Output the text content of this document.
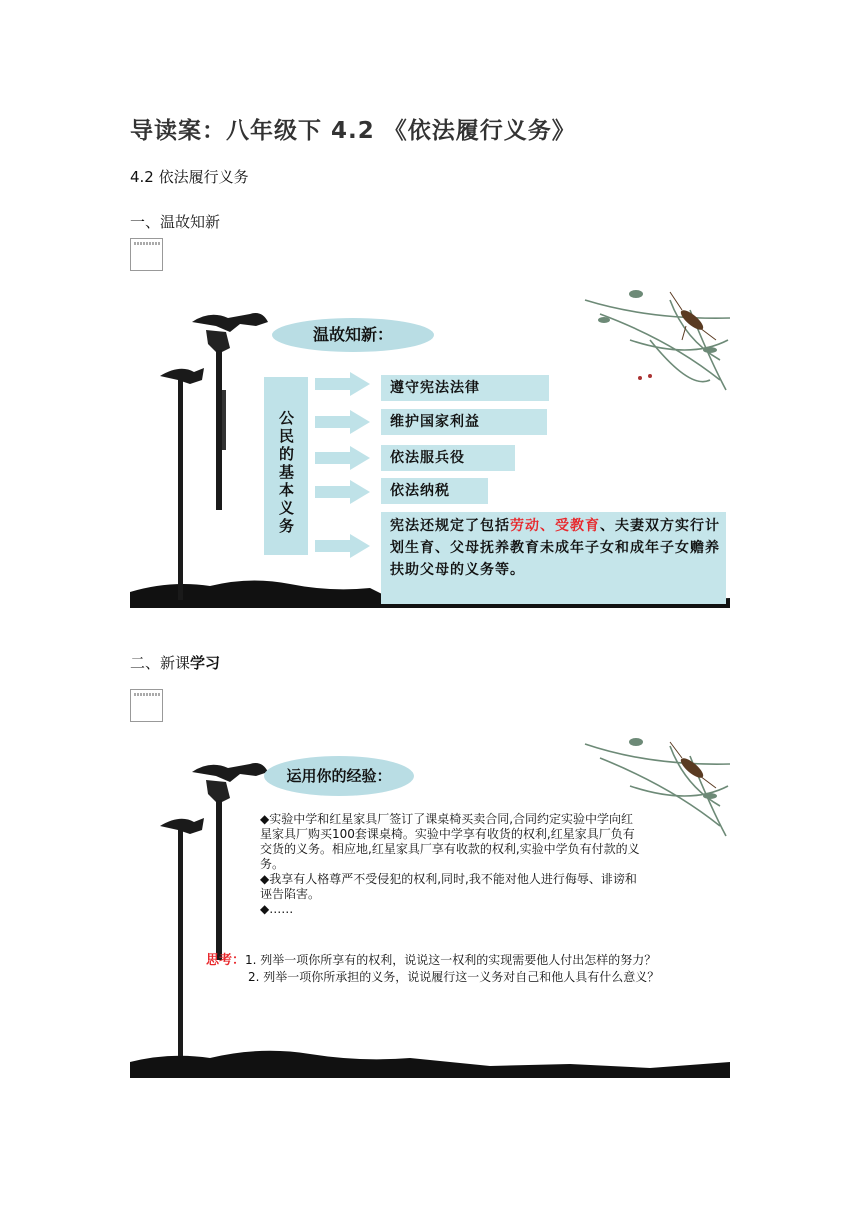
导读案：八年级下 4.2 《依法履行义务》
4.2 依法履行义务
一、温故知新
温故知新：
公民的基本义务
遵守宪法法律
维护国家利益
依法服兵役
依法纳税
宪法还规定了包括劳动、受教育、夫妻双方实行计划生育、父母抚养教育未成年子女和成年子女赡养扶助父母的义务等。
二、新课学习
运用你的经验：

◆实验中学和红星家具厂签订了课桌椅买卖合同,合同约定实验中学向红星家具厂购买100套课桌椅。实验中学享有收货的权利,红星家具厂负有交货的义务。相应地,红星家具厂享有收款的权利,实验中学负有付款的义务。

◆我享有人格尊严不受侵犯的权利,同时,我不能对他人进行侮辱、诽谤和诬告陷害。

◆……

思考：1. 列举一项你所享有的权利，说说这一权利的实现需要他人付出怎样的努力？

2. 列举一项你所承担的义务，说说履行这一义务对自己和他人具有什么意义？
